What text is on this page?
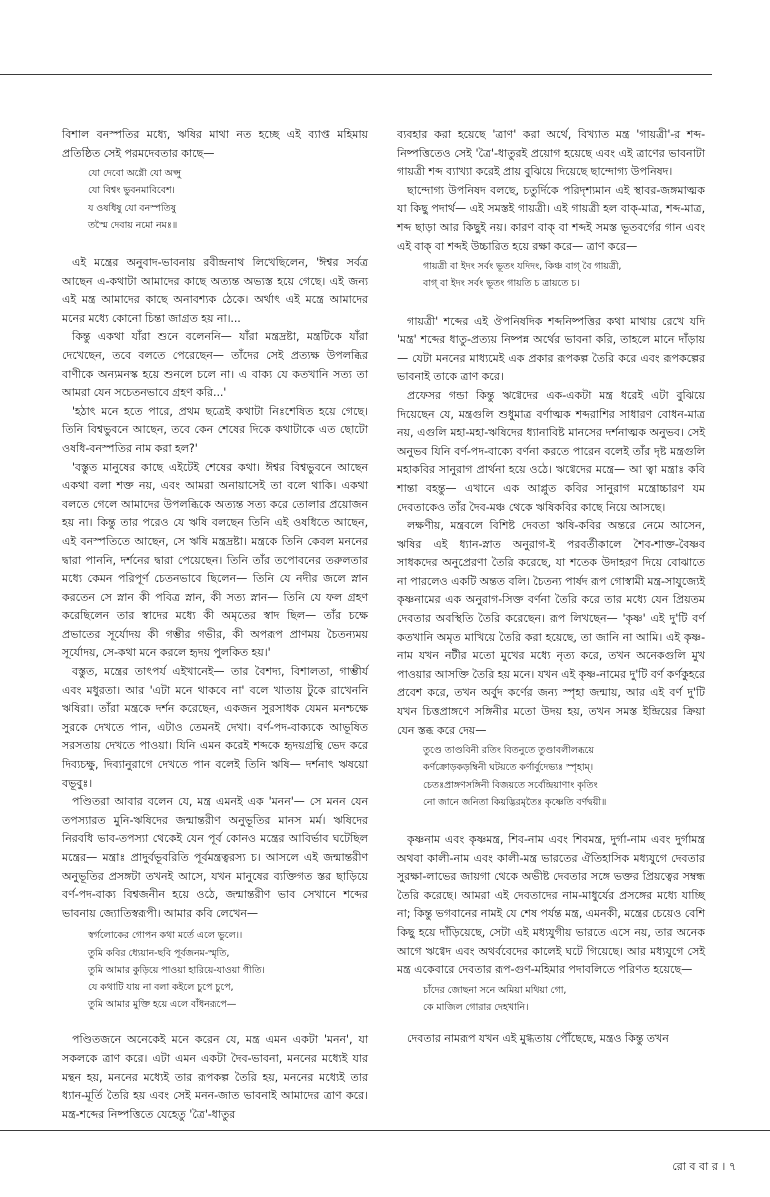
বিশাল বনস্পতির মধ্যে, ঋষির মাথা নত হচ্ছে এই ব্যাপ্ত মহিমায় প্রতিষ্ঠিত সেই পরমদেবতার কাছে—

যো দেবো অগ্নৌ যো অপ্সু
যো বিশ্বং ভুবনমাবিবেশ।
য ওষধিষু যো বনস্পতিষু
তস্মৈ দেবায় নমো নমঃ॥

এই মন্ত্রের অনুবাদ-ভাবনায় রবীন্দ্রনাথ লিখেছিলেন, 'ঈশ্বর সর্বত্র আছেন এ-কথাটা আমাদের কাছে অত্যন্ত অভ্যস্ত হয়ে গেছে। এই জন্য এই মন্ত্র আমাদের কাছে অনাবশ্যক ঠেকে। অর্থাৎ এই মন্ত্রে আমাদের মনের মধ্যে কোনো চিন্তা জাগ্রত হয় না।...

কিন্তু একথা যাঁরা শুনে বলেননি— যাঁরা মন্ত্রদ্রষ্টা, মন্ত্রটিকে যাঁরা দেখেছেন, তবে বলতে পেরেছেন— তাঁদের সেই প্রত্যক্ষ উপলব্ধির বাণীকে অন্যমনস্ক হয়ে শুনলে চলে না। এ বাক্য যে কতখানি সত্য তা আমরা যেন সচেতনভাবে গ্রহণ করি...'

'হঠাৎ মনে হতে পারে, প্রথম ছত্রেই কথাটা নিঃশেষিত হয়ে গেছে। তিনি বিশ্বভুবনে আছেন, তবে কেন শেষের দিকে কথাটাকে এত ছোটো ওষধি-বনস্পতির নাম করা হল?'

'বস্তুত মানুষের কাছে এইটেই শেষের কথা। ঈশ্বর বিশ্বভুবনে আছেন একথা বলা শক্ত নয়, এবং আমরা অনায়াসেই তা বলে থাকি। একথা বলতে গেলে আমাদের উপলব্ধিকে অত্যন্ত সত্য করে তোলার প্রয়োজন হয় না। কিন্তু তার পরেও যে ঋষি বলছেন তিনি এই ওষধিতে আছেন, এই বনস্পতিতে আছেন, সে ঋষি মন্ত্রদ্রষ্টা। মন্ত্রকে তিনি কেবল মননের দ্বারা পাননি, দর্শনের দ্বারা পেয়েছেন। তিনি তাঁর তপোবনের তরুলতার মধ্যে কেমন পরিপূর্ণ চেতনভাবে ছিলেন— তিনি যে নদীর জলে স্নান করতেন সে স্নান কী পবিত্র স্নান, কী সত্য স্নান— তিনি যে ফল গ্রহণ করেছিলেন তার স্বাদের মধ্যে কী অমৃতের স্বাদ ছিল— তাঁর চক্ষে প্রভাতের সূর্যোদয় কী গম্ভীর গভীর, কী অপরূপ প্রাণময় চৈতন্যময় সূর্যোদয়, সে-কথা মনে করলে হৃদয় পুলকিত হয়।'

বস্তুত, মন্ত্রের তাৎপর্য এইখানেই— তার বৈশদ্য, বিশালতা, গাম্ভীর্য এবং মধুরতা। আর 'এটা মনে থাকবে না' বলে খাতায় টুকে রাখেননি ঋষিরা। তাঁরা মন্ত্রকে দর্শন করেছেন, একজন সুরসাধক যেমন মনশ্চক্ষে সুরকে দেখতে পান, এটাও তেমনই দেখা। বর্ণ-পদ-বাক্যকে আভূষিত সরসতায় দেখতে পাওয়া। যিনি এমন করেই শব্দকে হৃদয়গ্রন্থি ভেদ করে দিব্যচক্ষু, দিব্যানুরাগে দেখতে পান বলেই তিনি ঋষি— দর্শনাৎ ঋষয়ো বভূবুঃ।

পণ্ডিতরা আবার বলেন যে, মন্ত্র এমনই এক 'মনন'— সে মনন যেন তপস্যারত মুনি-ঋষিদের জন্মান্তরীণ অনুভূতির মানস মর্ম। ঋষিদের নিরবধি ভাব-তপস্যা থেকেই যেন পূর্ব কোনও মন্ত্রের আবির্ভাব ঘটেছিল মন্ত্রের— মন্ত্রাঃ প্রাদুর্বভূবরিতি পূর্বমন্ত্রত্বরস্য চ। আসলে এই জন্মান্তরীণ অনুভূতির প্রসঙ্গটা তখনই আসে, যখন মানুষের ব্যক্তিগত স্তর ছাড়িয়ে বর্ণ-পদ-বাক্য বিশ্বজনীন হয়ে ওঠে, জন্মান্তরীণ ভাব সেখানে শব্দের ভাবনায় জ্যোতিস্বরূপী। আমার কবি লেখেন—

স্বর্গলোকের গোপন কথা মর্তে এলে ভুলে।।
তুমি কবির ধ্যেয়ান-ছবি পূর্বজনম-স্মৃতি,
তুমি আমার কুড়িয়ে পাওয়া হারিয়ে-যাওয়া গীতি।
যে কথাটি যায় না বলা কইলে চুপে চুপে,
তুমি আমার মুক্তি হয়ে এলে বাঁধনরূপে—

পণ্ডিতজনে অনেকেই মনে করেন যে, মন্ত্র এমন একটা 'মনন', যা সকলকে ত্রাণ করে। এটা এমন একটা দৈব-ভাবনা, মননের মধ্যেই যার মন্থন হয়, মননের মধ্যেই তার রূপকল্প তৈরি হয়, মননের মধ্যেই তার ধ্যান-মূর্তি তৈরি হয় এবং সেই মনন-জাত ভাবনাই আমাদের ত্রাণ করে। মন্ত্র-শব্দের নিষ্পত্তিতে যেহেতু 'ত্রৈ'-ধাতুর

ব্যবহার করা হয়েছে 'ত্রাণ' করা অর্থে, বিখ্যাত মন্ত্র 'গায়ত্রী'-র শব্দ-নিষ্পত্তিতেও সেই 'ত্রৈ'-ধাতুরই প্রয়োগ হয়েছে এবং এই ত্রাণের ভাবনাটা গায়ত্রী শব্দ ব্যাখ্যা করেই প্রায় বুঝিয়ে দিয়েছে ছান্দোগ্য উপনিষদ।

ছান্দোগ্য উপনিষদ বলছে, চতুর্দিকে পরিদৃশ্যমান এই স্থাবর-জঙ্গমাত্মক যা কিছু পদার্থ— এই সমস্তই গায়ত্রী। এই গায়ত্রী হল বাক্-মাত্র, শব্দ-মাত্র, শব্দ ছাড়া আর কিছুই নয়। কারণ বাক্ বা শব্দই সমস্ত ভূতবর্গের গান এবং এই বাক্ বা শব্দই উচ্চারিত হয়ে রক্ষা করে— ত্রাণ করে—

গায়ত্রী বা ইদং সর্বং ভূতং যদিদং, কিঞ্চ বাগ্ বৈ গায়ত্রী,
বাগ্ বা ইদং সর্বং ভূতং গায়তি চ ত্রায়তে চ।

গায়ত্রী' শব্দের এই ঔপনিষদিক শব্দনিষ্পত্তির কথা মাথায় রেখে যদি 'মন্ত্র' শব্দের ধাতু-প্রত্যয় নিষ্পন্ন অর্থের ভাবনা করি, তাহলে মানে দাঁড়ায়— যেটা মননের মাধ্যমেই এক প্রকার রূপকল্প তৈরি করে এবং রূপকল্পের ভাবনাই তাকে ত্রাণ করে।

প্রফেসর গন্ডা কিন্তু ঋগ্বেদের এক-একটা মন্ত্র ধরেই এটা বুঝিয়ে দিয়েছেন যে, মন্ত্রগুলি শুধুমাত্র বর্ণাত্মক শব্দরাশির সাধারণ বোধন-মাত্র নয়, এগুলি মহা-মহা-ঋষিদের ধ্যানাবিষ্ট মানসের দর্শনাত্মক অনুভব। সেই অনুভব যিনি বর্ণ-পদ-বাক্যে বর্ণনা করতে পারেন বলেই তাঁর দৃষ্ট মন্ত্রগুলি মহাকবির সানুরাগ প্রার্থনা হয়ে ওঠে। ঋগ্বেদের মন্ত্রে— আ ত্বা মন্ত্রাঃ কবি শান্তা বহন্তু— এখানে এক আপ্লুত কবির সানুরাগ মন্ত্রোচ্চারণ যম দেবতাকেও তাঁর দৈব-মঞ্চ থেকে ঋষিকবির কাছে নিয়ে আসছে।

লক্ষণীয়, মন্ত্রবলে বিশিষ্ট দেবতা ঋষি-কবির অন্তরে নেমে আসেন, ঋষির এই ধ্যান-স্নাত অনুরাগ-ই পরবর্তীকালে শৈব-শাক্ত-বৈষ্ণব সাধকদের অনুপ্রেরণা তৈরি করেছে, যা শতেক উদাহরণ দিয়ে বোঝাতে না পারলেও একটি অন্তত বলি। চৈতন্য পার্ষদ রূপ গোস্বামী মন্ত্র-সাযুজ্যেই কৃষ্ণনামের এক অনুরাগ-সিক্ত বর্ণনা তৈরি করে তার মধ্যে যেন প্রিয়তম দেবতার অবস্থিতি তৈরি করেছেন। রূপ লিখছেন— 'কৃষ্ণ' এই দু'টি বর্ণ কতখানি অমৃত মাখিয়ে তৈরি করা হয়েছে, তা জানি না আমি। এই কৃষ্ণ-নাম যখন নটীর মতো মুখের মধ্যে নৃত্য করে, তখন অনেকগুলি মুখ পাওয়ার আসক্তি তৈরি হয় মনে। যখন এই কৃষ্ণ-নামের দু'টি বর্ণ কর্ণকুহরে প্রবেশ করে, তখন অর্বুদ কর্ণের জন্য স্পৃহা জন্মায়, আর এই বর্ণ দু'টি যখন চিত্তপ্রাঙ্গণে সঙ্গিনীর মতো উদয় হয়, তখন সমস্ত ইন্দ্রিয়ের ক্রিয়া যেন স্তব্ধ করে দেয়—

তুণ্ডে তাণ্ডবিনী রতিং বিতনুতে তুণ্ডাবলীলব্ধয়ে
কর্ণক্রোড়কড়ম্বিনী ঘটয়তে কর্ণার্বুদেভ্যঃ স্পৃহাম্।
চেতঃপ্রাঙ্গণসঙ্গিনী বিজয়তে সর্বেন্দ্রিয়াণাং কৃতিং
নো জানে জনিতা কিয়দ্ভিরমৃতৈঃ কৃষ্ণেতি বর্ণদ্বয়ী॥

কৃষ্ণনাম এবং কৃষ্ণমন্ত্র, শিব-নাম এবং শিবমন্ত্র, দুর্গা-নাম এবং দুর্গামন্ত্র অথবা কালী-নাম এবং কালী-মন্ত্র ভারতের ঐতিহাসিক মধ্যযুগে দেবতার সুরক্ষা-লাভের জায়গা থেকে অভীষ্ট দেবতার সঙ্গে ভক্তর প্রিয়ত্বের সম্বন্ধ তৈরি করেছে। আমরা এই দেবতাদের নাম-মাধুর্যের প্রসঙ্গের মধ্যে যাচ্ছি না; কিন্তু ভগবানের নামই যে শেষ পর্যন্ত মন্ত্র, এমনকী, মন্ত্রের চেয়েও বেশি কিছু হয়ে দাঁড়িয়েছে, সেটা এই মধ্যযুগীয় ভারতে এসে নয়, তার অনেক আগে ঋগ্বেদ এবং অথর্ববেদের কালেই ঘটে গিয়েছে। আর মধ্যযুগে সেই মন্ত্র একেবারে দেবতার রূপ-গুণ-মহিমার পদাবলিতে পরিণত হয়েছে—

চাঁদের জোছনা সনে অমিয়া মথিয়া গো,
কে মাজিল গোরার দেহখানি।

দেবতার নামরূপ যখন এই মুগ্ধতায় পৌঁছেছে, মন্ত্রও কিন্তু তখন

রো ব বা র । ৭
